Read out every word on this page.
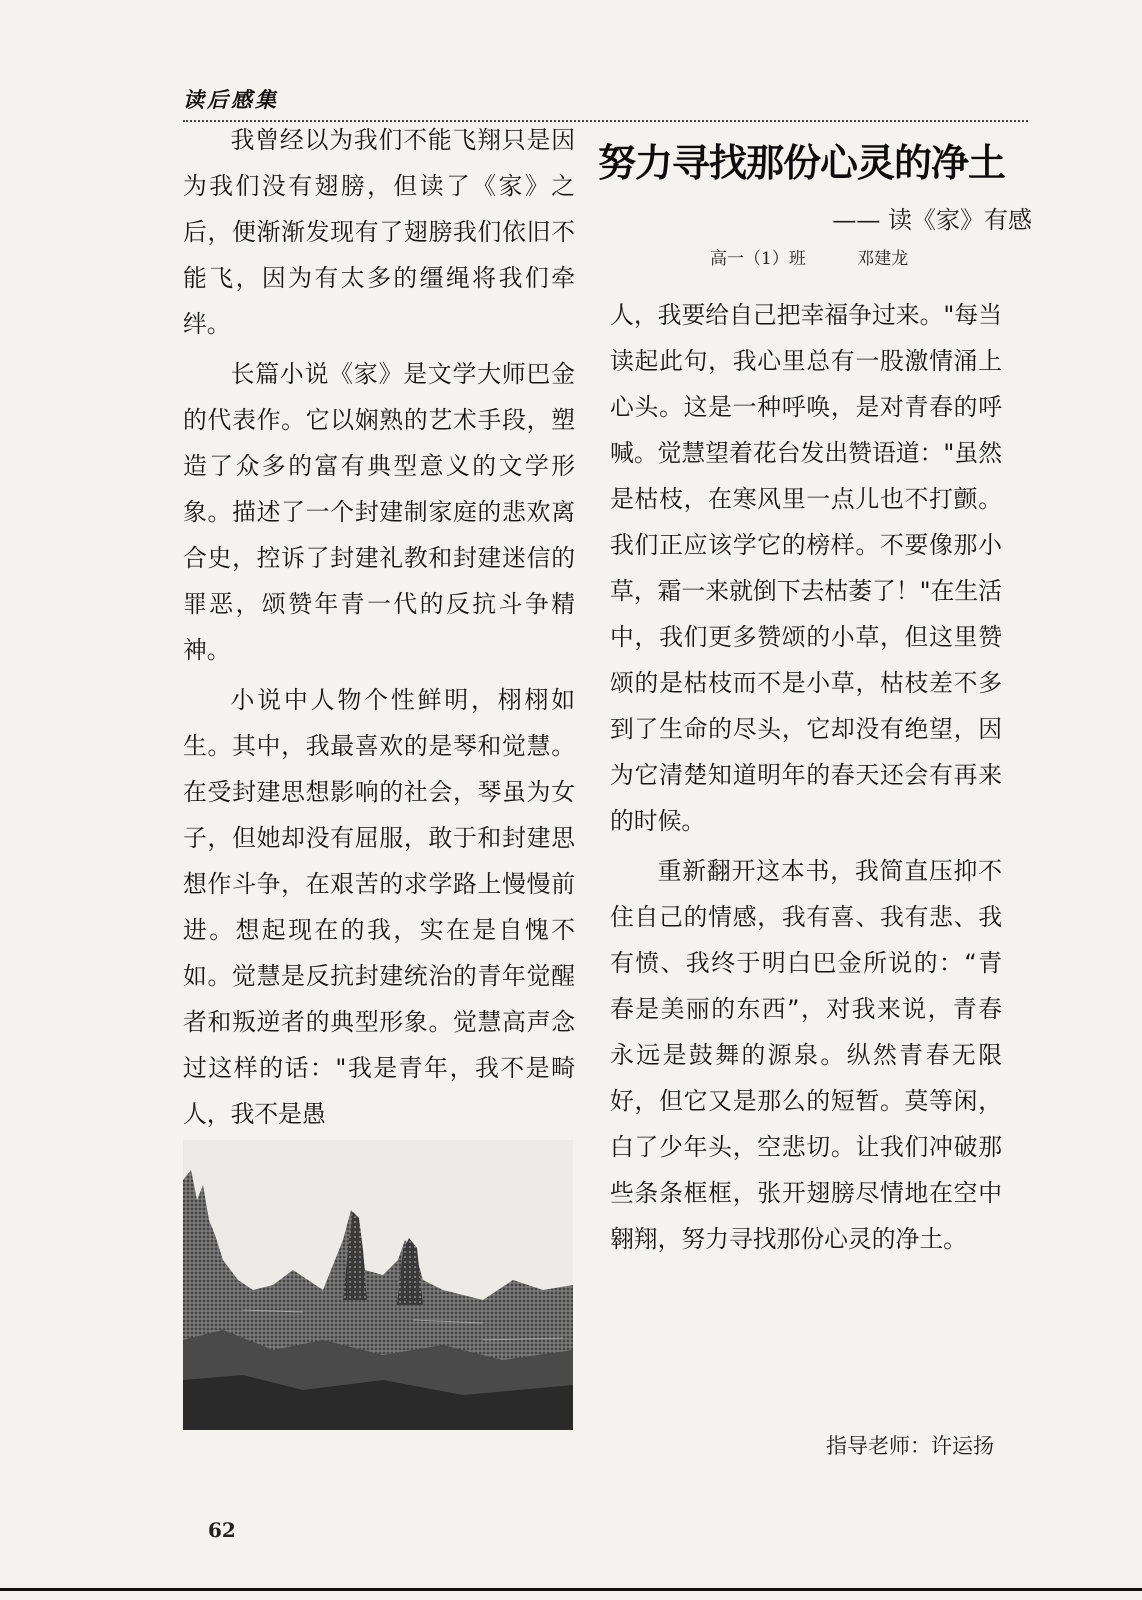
读后感集
努力寻找那份心灵的净土
—— 读《家》有感
高一（1）班	邓建龙

我曾经以为我们不能飞翔只是因为我们没有翅膀，但读了《家》之后，便渐渐发现有了翅膀我们依旧不能飞，因为有太多的缰绳将我们牵绊。

长篇小说《家》是文学大师巴金的代表作。它以娴熟的艺术手段，塑造了众多的富有典型意义的文学形象。描述了一个封建制家庭的悲欢离合史，控诉了封建礼教和封建迷信的罪恶，颂赞年青一代的反抗斗争精神。

小说中人物个性鲜明，栩栩如生。其中，我最喜欢的是琴和觉慧。在受封建思想影响的社会，琴虽为女子，但她却没有屈服，敢于和封建思想作斗争，在艰苦的求学路上慢慢前进。想起现在的我，实在是自愧不如。觉慧是反抗封建统治的青年觉醒者和叛逆者的典型形象。觉慧高声念过这样的话："我是青年，我不是畸人，我不是愚

人，我要给自己把幸福争过来。"每当读起此句，我心里总有一股激情涌上心头。这是一种呼唤，是对青春的呼喊。觉慧望着花台发出赞语道："虽然是枯枝，在寒风里一点儿也不打颤。我们正应该学它的榜样。不要像那小草，霜一来就倒下去枯萎了！"在生活中，我们更多赞颂的小草，但这里赞颂的是枯枝而不是小草，枯枝差不多到了生命的尽头，它却没有绝望，因为它清楚知道明年的春天还会有再来的时候。

重新翻开这本书，我简直压抑不住自己的情感，我有喜、我有悲、我有愤、我终于明白巴金所说的：“青春是美丽的东西”，对我来说，青春永远是鼓舞的源泉。纵然青春无限好，但它又是那么的短暂。莫等闲，白了少年头，空悲切。让我们冲破那些条条框框，张开翅膀尽情地在空中翱翔，努力寻找那份心灵的净土。

指导老师：许运扬
62
